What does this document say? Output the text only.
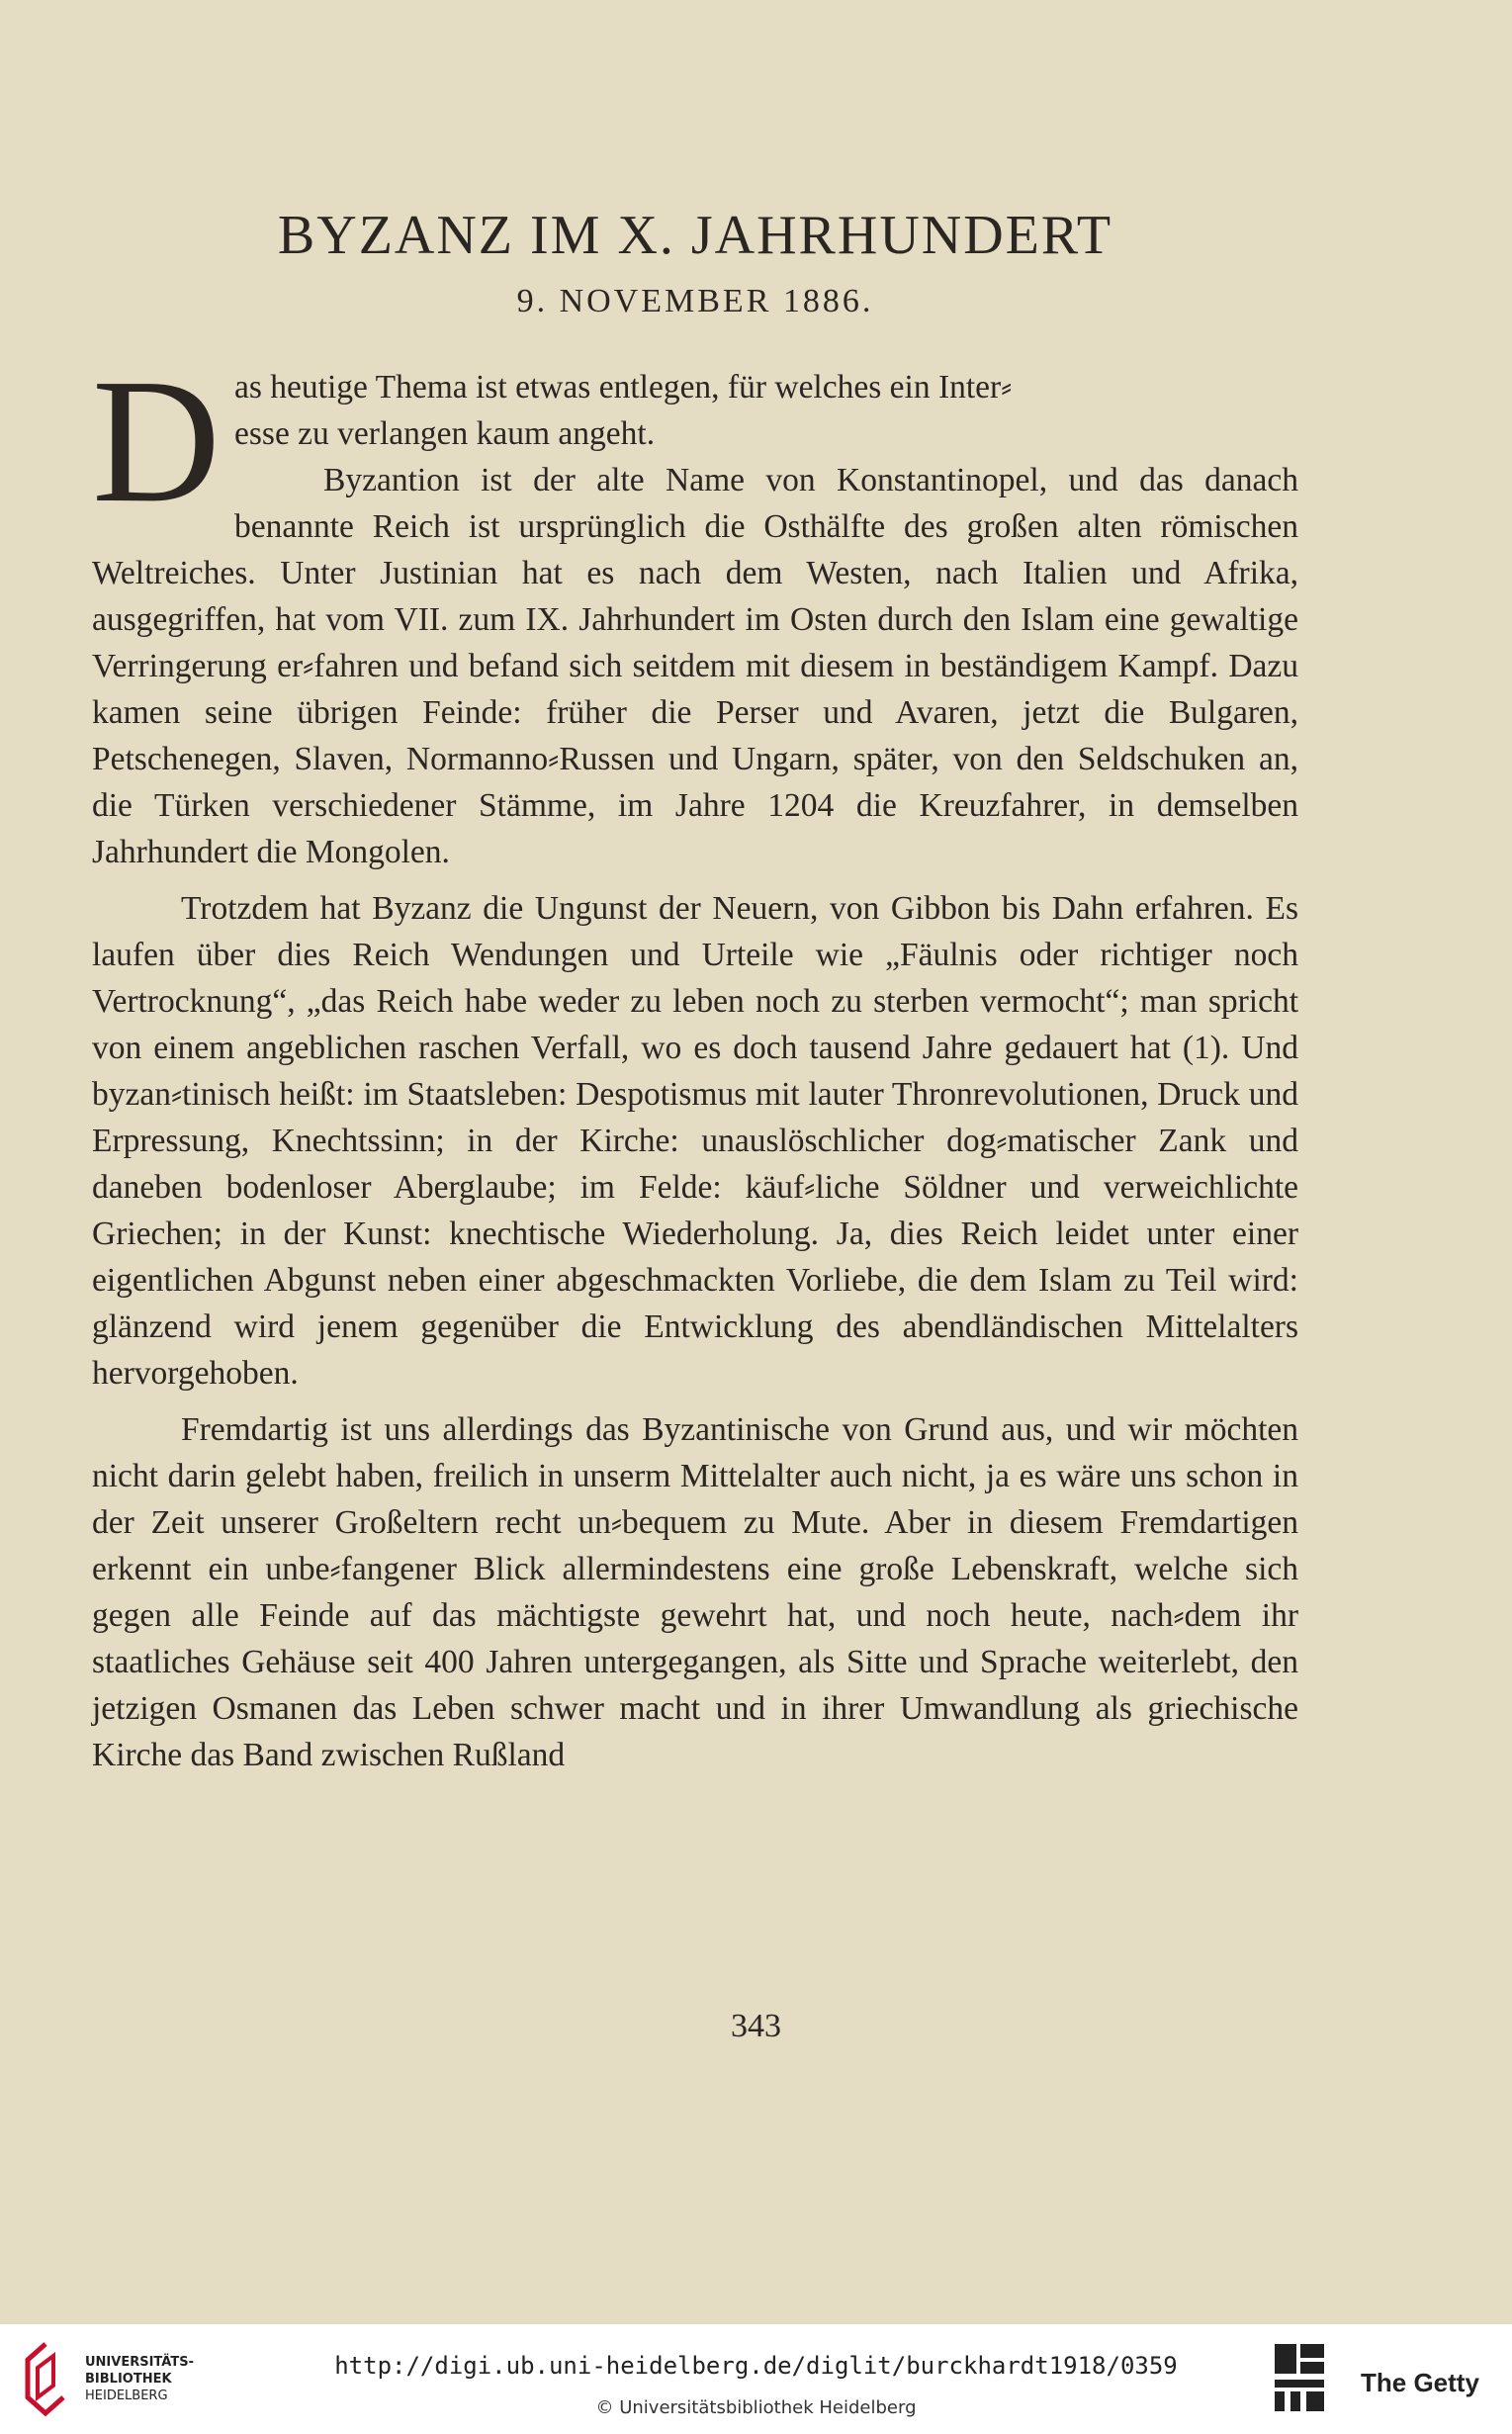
BYZANZ IM X. JAHRHUNDERT
9. NOVEMBER 1886.
D as heutige Thema ist etwas entlegen, für welches ein Inter⸗

esse zu verlangen kaum angeht.

Byzantion ist der alte Name von Konstantinopel, und das danach benannte Reich ist ursprünglich die Osthälfte des großen alten römischen Weltreiches. Unter Justinian hat es nach dem Westen, nach Italien und Afrika, ausgegriffen, hat vom VII. zum IX. Jahrhundert im Osten durch den Islam eine gewaltige Verringerung er⸗fahren und befand sich seitdem mit diesem in beständigem Kampf. Dazu kamen seine übrigen Feinde: früher die Perser und Avaren, jetzt die Bulgaren, Petschenegen, Slaven, Normanno⸗Russen und Ungarn, später, von den Seldschuken an, die Türken verschiedener Stämme, im Jahre 1204 die Kreuzfahrer, in demselben Jahrhundert die Mongolen.

Trotzdem hat Byzanz die Ungunst der Neuern, von Gibbon bis Dahn erfahren. Es laufen über dies Reich Wendungen und Urteile wie „Fäulnis oder richtiger noch Vertrocknung“, „das Reich habe weder zu leben noch zu sterben vermocht“; man spricht von einem angeblichen raschen Verfall, wo es doch tausend Jahre gedauert hat (1). Und byzan⸗tinisch heißt: im Staatsleben: Despotismus mit lauter Thronrevolutionen, Druck und Erpressung, Knechtssinn; in der Kirche: unauslöschlicher dog⸗matischer Zank und daneben bodenloser Aberglaube; im Felde: käuf⸗liche Söldner und verweichlichte Griechen; in der Kunst: knechtische Wiederholung. Ja, dies Reich leidet unter einer eigentlichen Abgunst neben einer abgeschmackten Vorliebe, die dem Islam zu Teil wird: glänzend wird jenem gegenüber die Entwicklung des abendländischen Mittelalters hervorgehoben.

Fremdartig ist uns allerdings das Byzantinische von Grund aus, und wir möchten nicht darin gelebt haben, freilich in unserm Mittelalter auch nicht, ja es wäre uns schon in der Zeit unserer Großeltern recht un⸗bequem zu Mute. Aber in diesem Fremdartigen erkennt ein unbe⸗fangener Blick allermindestens eine große Lebenskraft, welche sich gegen alle Feinde auf das mächtigste gewehrt hat, und noch heute, nach⸗dem ihr staatliches Gehäuse seit 400 Jahren untergegangen, als Sitte und Sprache weiterlebt, den jetzigen Osmanen das Leben schwer macht und in ihrer Umwandlung als griechische Kirche das Band zwischen Rußland

343
UNIVERSITÄTS-
BIBLIOTHEK
HEIDELBERG
http://digi.ub.uni-heidelberg.de/diglit/burckhardt1918/0359
© Universitätsbibliothek Heidelberg
The Getty
